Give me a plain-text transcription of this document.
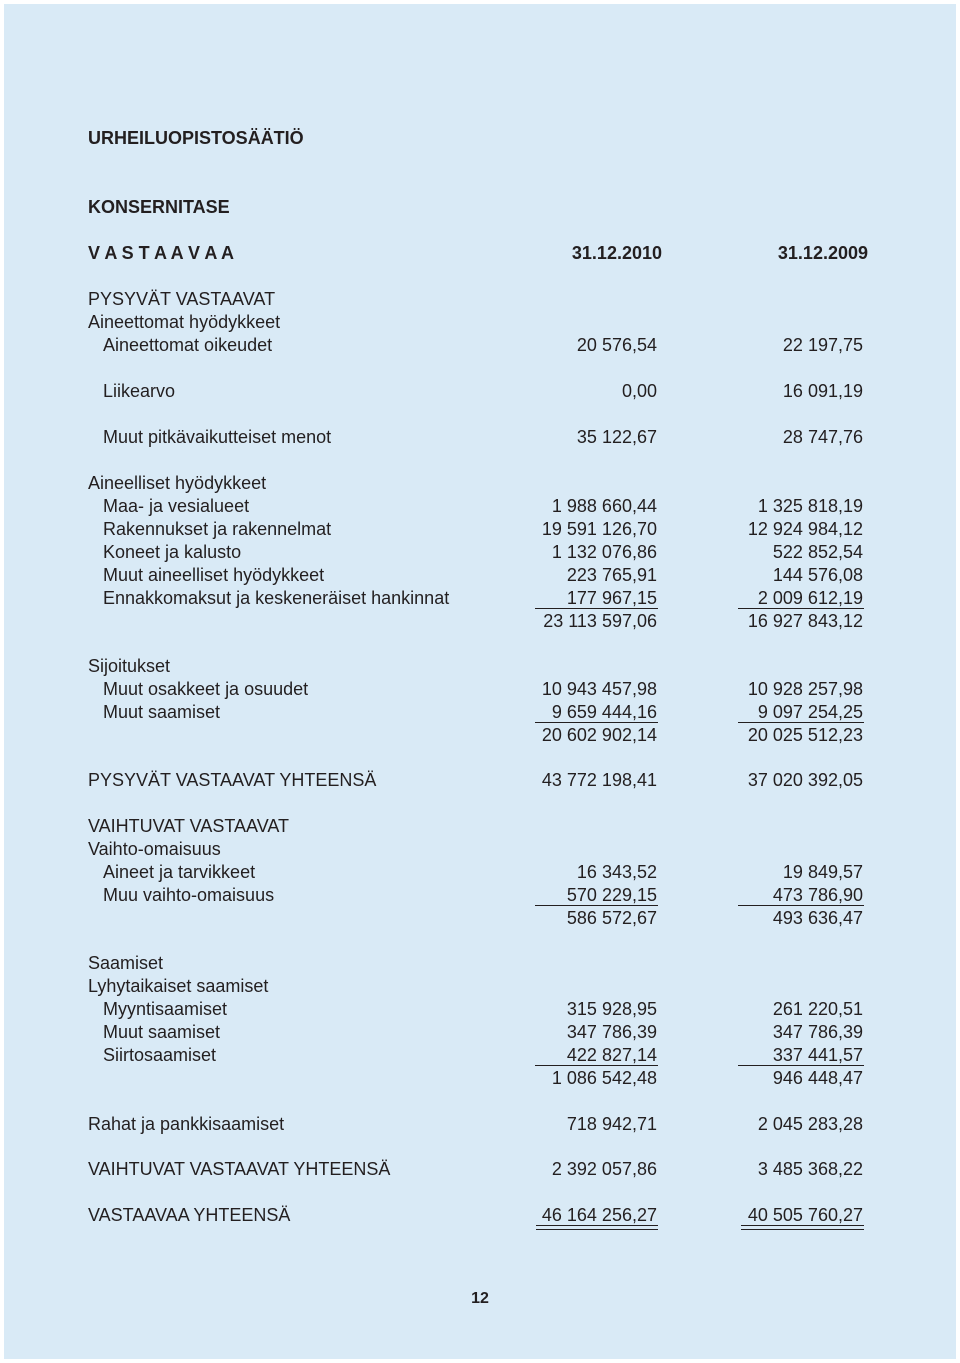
URHEILUOPISTOSÄÄTIÖ
KONSERNITASE
V A S T A A V A A	31.12.2010	31.12.2009
PYSYVÄT VASTAAVAT
Aineettomat hyödykkeet
Aineettomat oikeudet	20 576,54	22 197,75
Liikearvo	0,00	16 091,19
Muut pitkävaikutteiset menot	35 122,67	28 747,76
Aineelliset hyödykkeet
Maa- ja vesialueet	1 988 660,44	1 325 818,19
Rakennukset ja rakennelmat	19 591 126,70	12 924 984,12
Koneet ja kalusto	1 132 076,86	522 852,54
Muut aineelliset hyödykkeet	223 765,91	144 576,08
Ennakkomaksut ja keskeneräiset hankinnat	177 967,15	2 009 612,19
23 113 597,06	16 927 843,12
Sijoitukset
Muut osakkeet ja osuudet	10 943 457,98	10 928 257,98
Muut saamiset	9 659 444,16	9 097 254,25
20 602 902,14	20 025 512,23
PYSYVÄT VASTAAVAT YHTEENSÄ	43 772 198,41	37 020 392,05
VAIHTUVAT VASTAAVAT
Vaihto-omaisuus
Aineet ja tarvikkeet	16 343,52	19 849,57
Muu vaihto-omaisuus	570 229,15	473 786,90
586 572,67	493 636,47
Saamiset
Lyhytaikaiset saamiset
Myyntisaamiset	315 928,95	261 220,51
Muut saamiset	347 786,39	347 786,39
Siirtosaamiset	422 827,14	337 441,57
1 086 542,48	946 448,47
Rahat ja pankkisaamiset	718 942,71	2 045 283,28
VAIHTUVAT VASTAAVAT YHTEENSÄ	2 392 057,86	3 485 368,22
VASTAAVAA YHTEENSÄ	46 164 256,27	40 505 760,27
12
